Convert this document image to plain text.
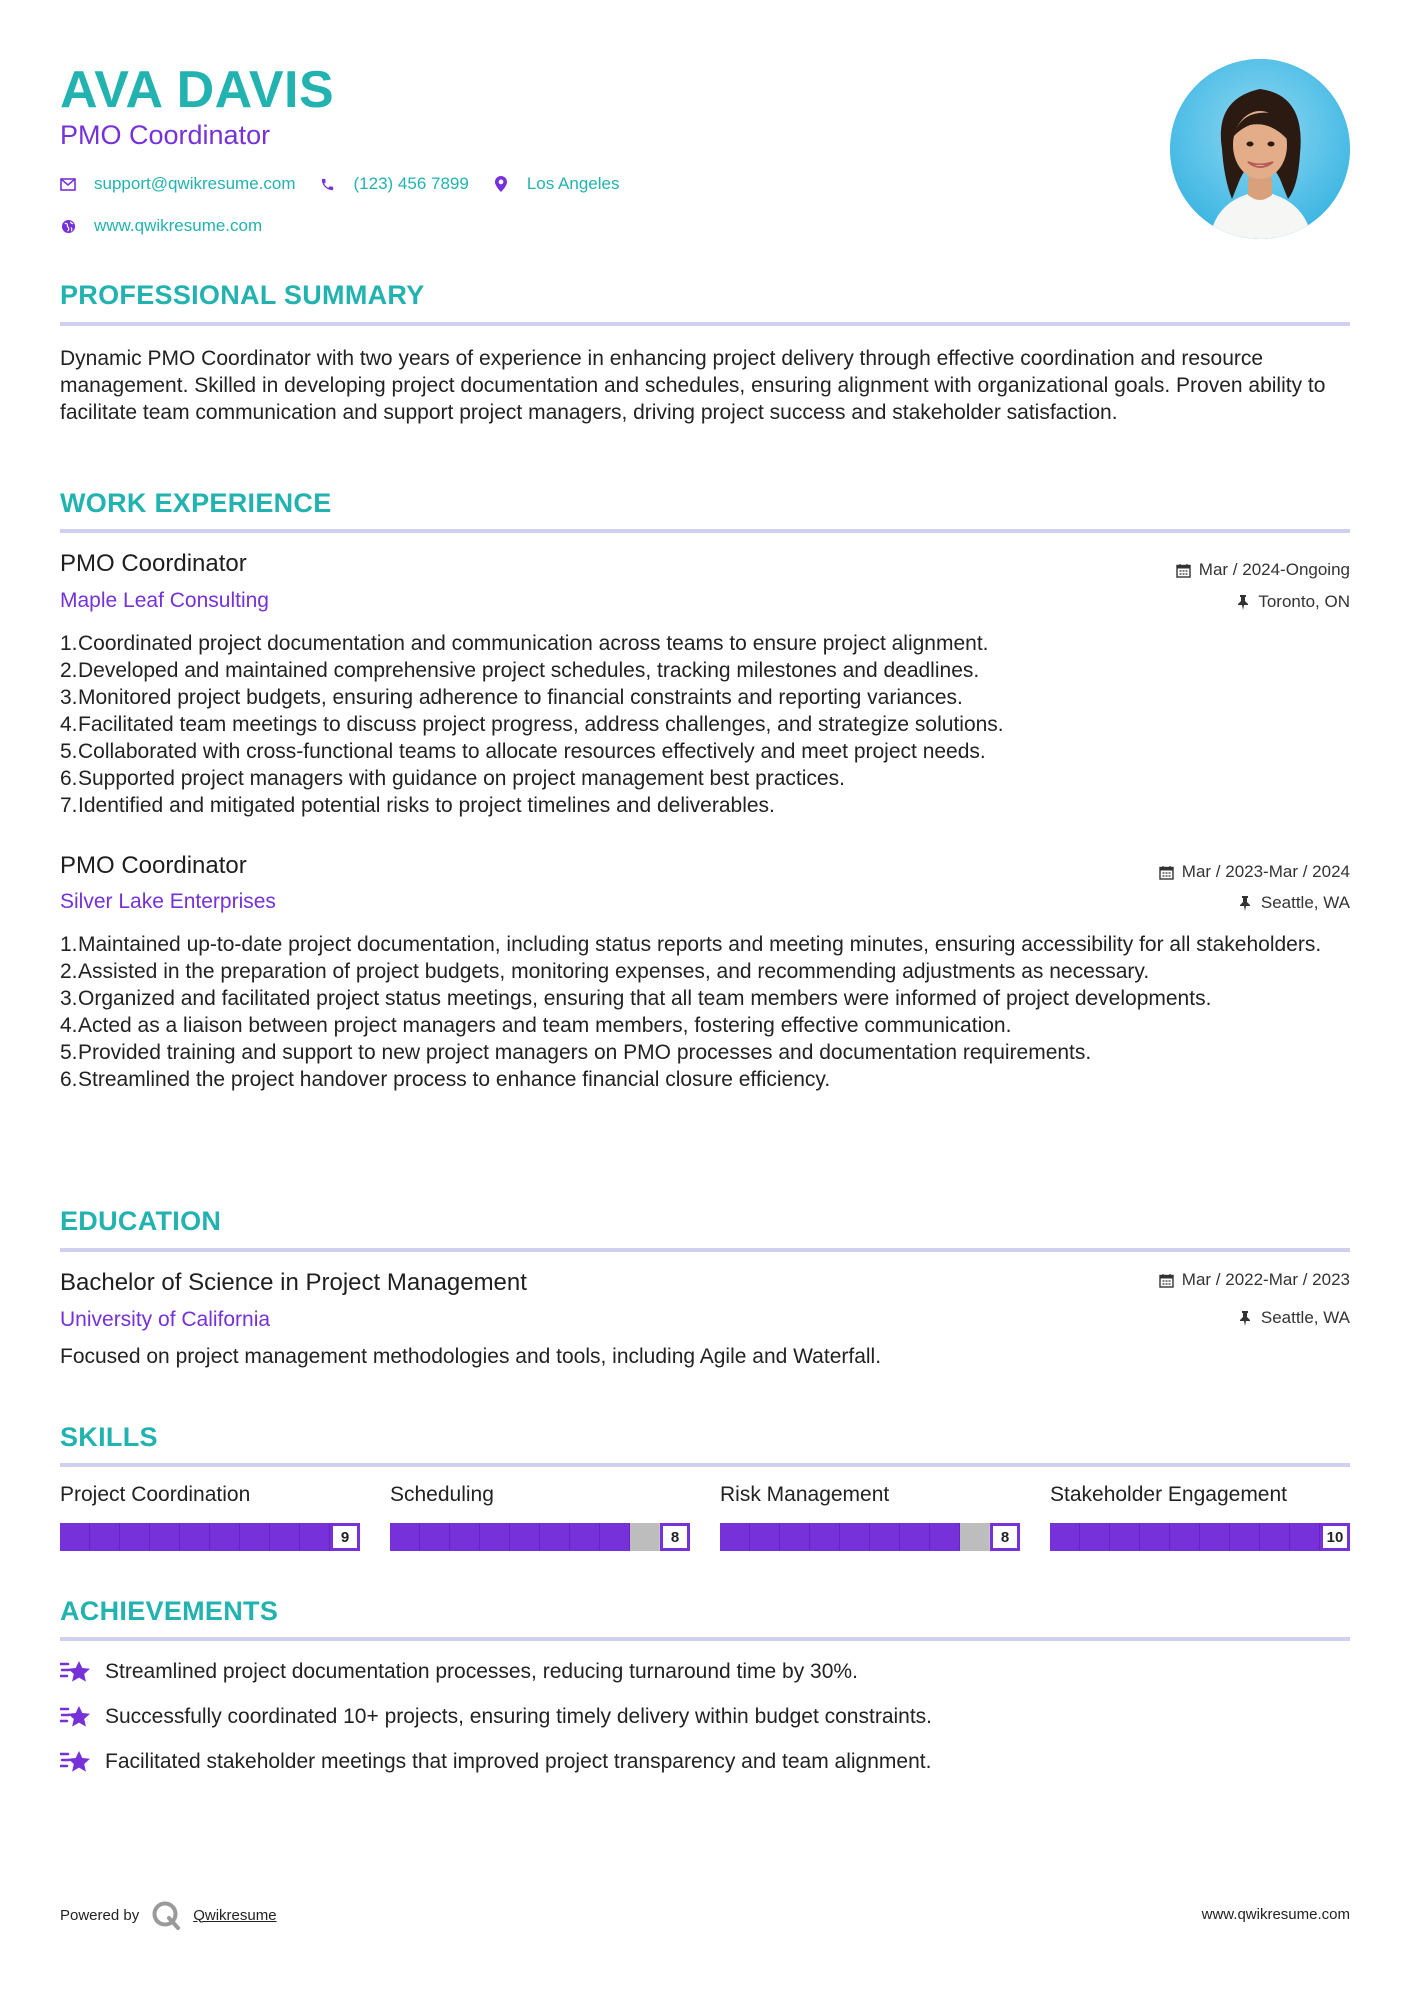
AVA DAVIS
PMO Coordinator
support@qwikresume.com	(123) 456 7899	Los Angeles
www.qwikresume.com
PROFESSIONAL SUMMARY

Dynamic PMO Coordinator with two years of experience in enhancing project delivery through effective coordination and resource management. Skilled in developing project documentation and schedules, ensuring alignment with organizational goals. Proven ability to facilitate team communication and support project managers, driving project success and stakeholder satisfaction.

WORK EXPERIENCE
PMO Coordinator	Mar / 2024-Ongoing
Maple Leaf Consulting	Toronto, ON
1. Coordinated project documentation and communication across teams to ensure project alignment.
2. Developed and maintained comprehensive project schedules, tracking milestones and deadlines.
3. Monitored project budgets, ensuring adherence to financial constraints and reporting variances.
4. Facilitated team meetings to discuss project progress, address challenges, and strategize solutions.
5. Collaborated with cross-functional teams to allocate resources effectively and meet project needs.
6. Supported project managers with guidance on project management best practices.
7. Identified and mitigated potential risks to project timelines and deliverables.
PMO Coordinator	Mar / 2023-Mar / 2024
Silver Lake Enterprises	Seattle, WA
1. Maintained up-to-date project documentation, including status reports and meeting minutes, ensuring accessibility for all stakeholders.
2. Assisted in the preparation of project budgets, monitoring expenses, and recommending adjustments as necessary.
3. Organized and facilitated project status meetings, ensuring that all team members were informed of project developments.
4. Acted as a liaison between project managers and team members, fostering effective communication.
5. Provided training and support to new project managers on PMO processes and documentation requirements.
6. Streamlined the project handover process to enhance financial closure efficiency.
EDUCATION
Bachelor of Science in Project Management	Mar / 2022-Mar / 2023
University of California	Seattle, WA

Focused on project management methodologies and tools, including Agile and Waterfall.

SKILLS
Project Coordination
9
Scheduling
8
Risk Management
8
Stakeholder Engagement
10
ACHIEVEMENTS
Streamlined project documentation processes, reducing turnaround time by 30%.
Successfully coordinated 10+ projects, ensuring timely delivery within budget constraints.
Facilitated stakeholder meetings that improved project transparency and team alignment.
Powered by	Qwikresume	www.qwikresume.com
